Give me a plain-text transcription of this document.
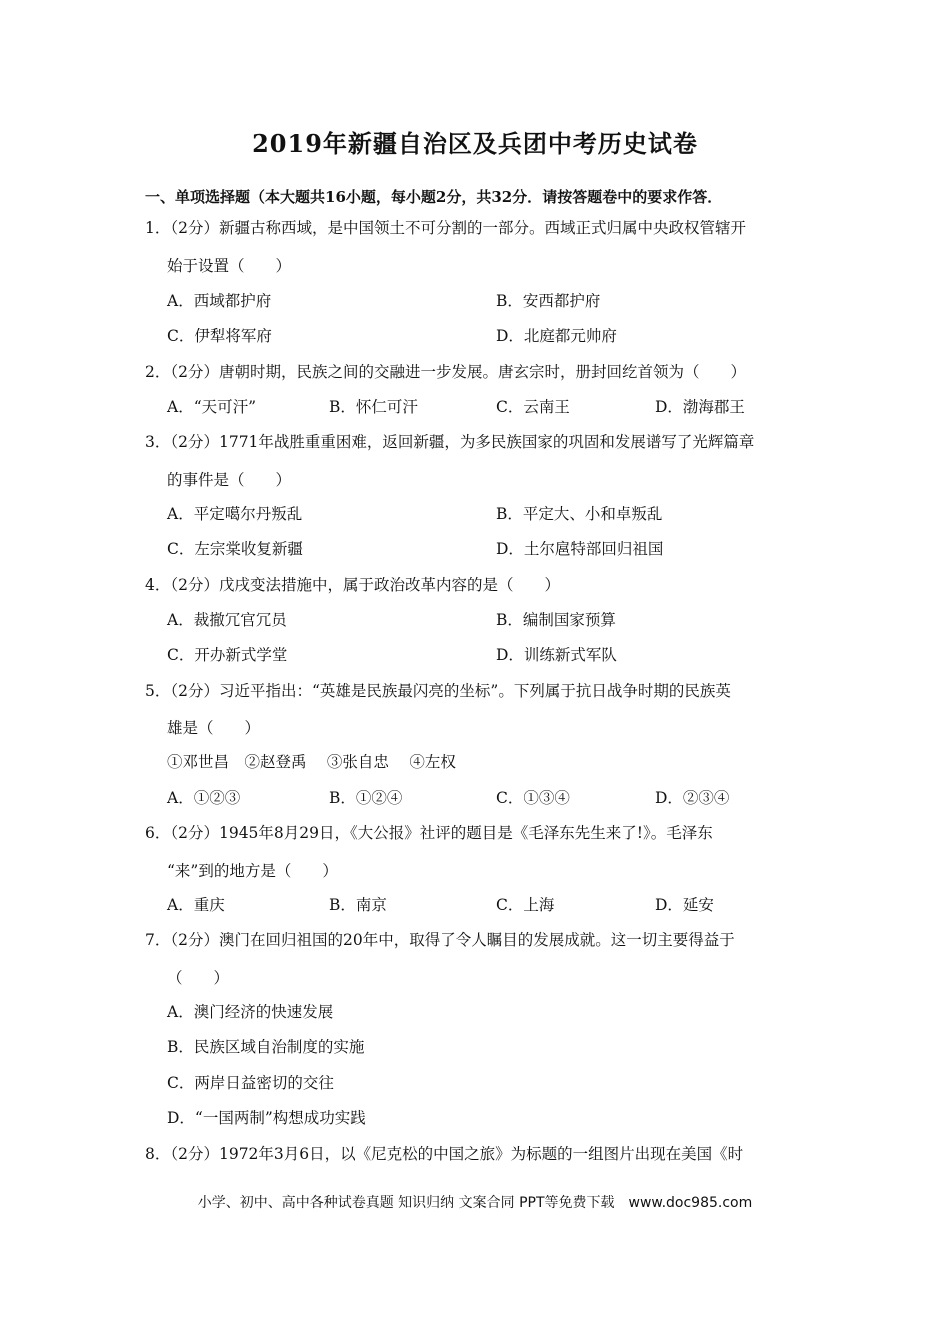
2019年新疆自治区及兵团中考历史试卷
一、单项选择题（本大题共16小题，每小题2分，共32分．请按答题卷中的要求作答．
1．（2分）新疆古称西域，是中国领土不可分割的一部分。西域正式归属中央政权管辖开
始于设置（　　）
A．西域都护府	B．安西都护府
C．伊犁将军府	D．北庭都元帅府
2．（2分）唐朝时期，民族之间的交融进一步发展。唐玄宗时，册封回纥首领为（　　）
A．“天可汗”	B．怀仁可汗	C．云南王	D．渤海郡王
3．（2分）1771年战胜重重困难，返回新疆，为多民族国家的巩固和发展谱写了光辉篇章
的事件是（　　）
A．平定噶尔丹叛乱	B．平定大、小和卓叛乱
C．左宗棠收复新疆	D．土尔扈特部回归祖国
4．（2分）戊戌变法措施中，属于政治改革内容的是（　　）
A．裁撤冗官冗员	B．编制国家预算
C．开办新式学堂	D．训练新式军队
5．（2分）习近平指出：“英雄是民族最闪亮的坐标”。下列属于抗日战争时期的民族英
雄是（　　）
①邓世昌　②赵登禹　 ③张自忠　 ④左权
A．①②③	B．①②④	C．①③④	D．②③④
6．（2分）1945年8月29日，《大公报》社评的题目是《毛泽东先生来了!》。毛泽东
“来”到的地方是（　　）
A．重庆	B．南京	C．上海	D．延安
7．（2分）澳门在回归祖国的20年中，取得了令人瞩目的发展成就。这一切主要得益于
（　　）
A．澳门经济的快速发展
B．民族区域自治制度的实施
C．两岸日益密切的交往
D．“一国两制”构想成功实践
8．（2分）1972年3月6日，以《尼克松的中国之旅》为标题的一组图片出现在美国《时
小学、初中、高中各种试卷真题 知识归纳 文案合同 PPT等免费下载　www.doc985.com
